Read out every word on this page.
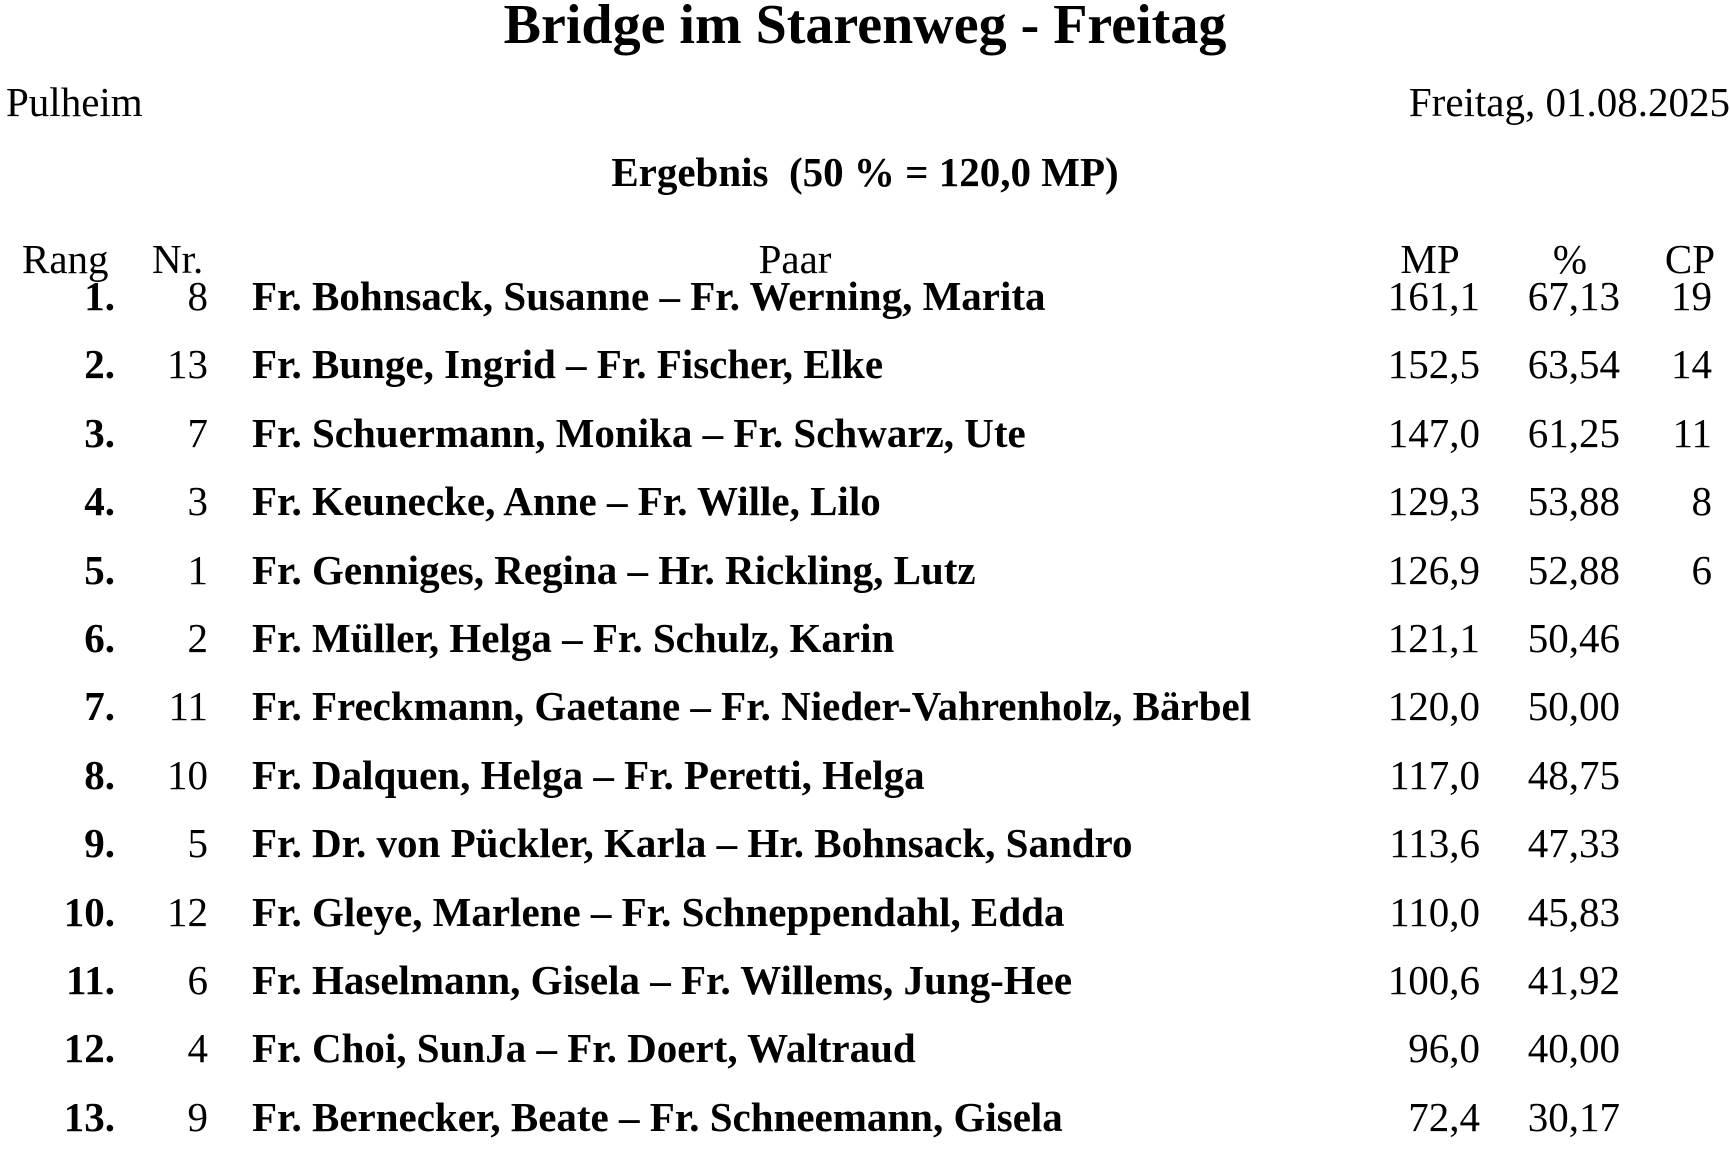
Bridge im Starenweg - Freitag
Pulheim	Freitag, 01.08.2025
Ergebnis  (50 % = 120,0 MP)
Rang	Nr.	Paar	MP	%	CP
1.	8 Fr. Bohnsack, Susanne – Fr. Werning, Marita	161,1	67,13	19
2.	13 Fr. Bunge, Ingrid – Fr. Fischer, Elke	152,5	63,54	14
3.	7 Fr. Schuermann, Monika – Fr. Schwarz, Ute	147,0	61,25	11
4.	3 Fr. Keunecke, Anne – Fr. Wille, Lilo	129,3	53,88	8
5.	1 Fr. Genniges, Regina – Hr. Rickling, Lutz	126,9	52,88	6
6.	2 Fr. Müller, Helga – Fr. Schulz, Karin	121,1	50,46
7.	11 Fr. Freckmann, Gaetane – Fr. Nieder-Vahrenholz, Bärbel	120,0	50,00
8.	10 Fr. Dalquen, Helga – Fr. Peretti, Helga	117,0	48,75
9.	5 Fr. Dr. von Pückler, Karla – Hr. Bohnsack, Sandro	113,6	47,33
10.	12 Fr. Gleye, Marlene – Fr. Schneppendahl, Edda	110,0	45,83
11.	6 Fr. Haselmann, Gisela – Fr. Willems, Jung-Hee	100,6	41,92
12.	4 Fr. Choi, SunJa – Fr. Doert, Waltraud	96,0	40,00
13.	9 Fr. Bernecker, Beate – Fr. Schneemann, Gisela	72,4	30,17
